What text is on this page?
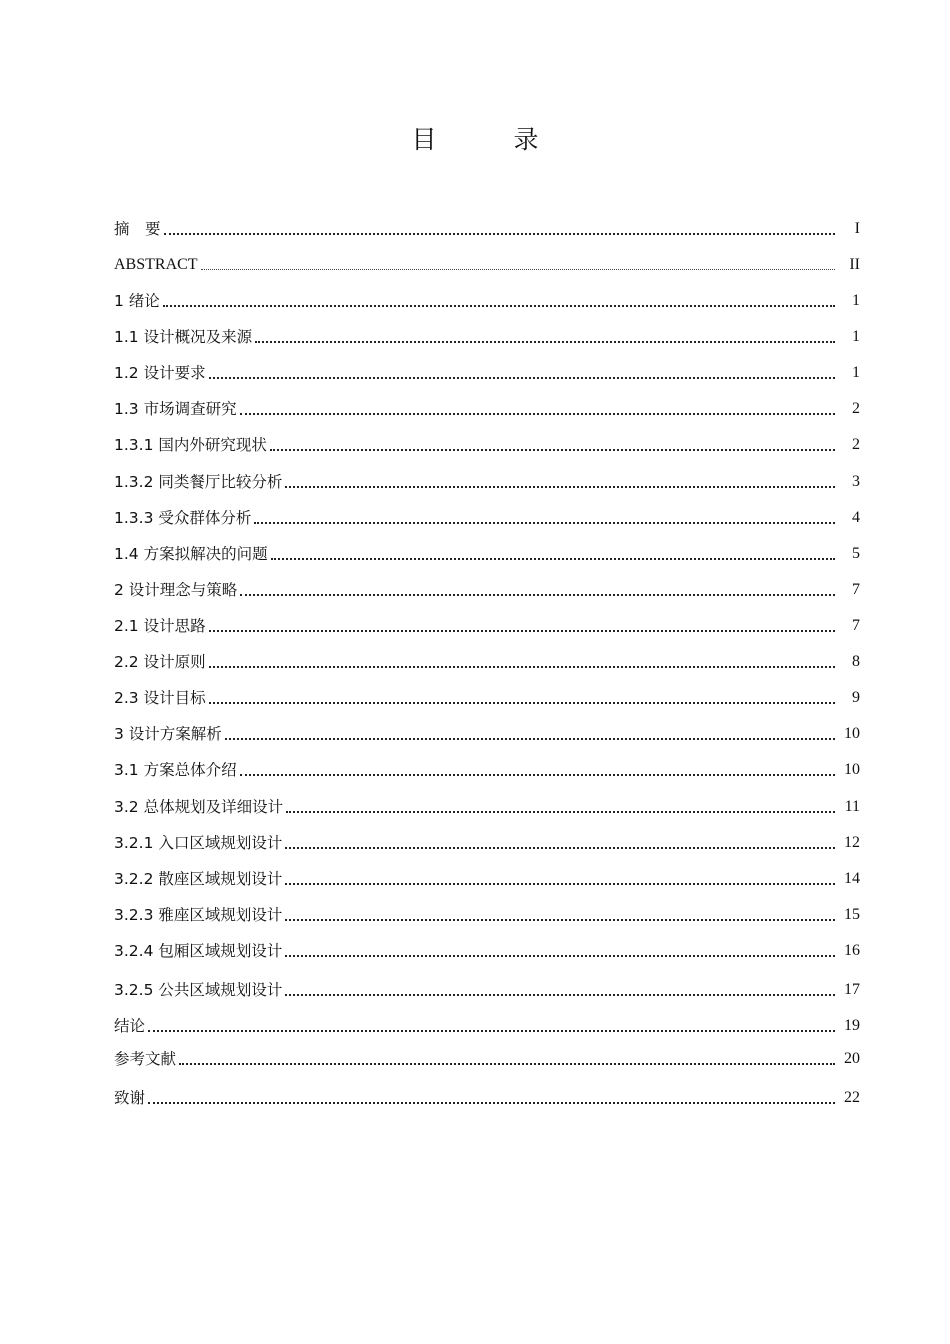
目　录
摘　要	I
ABSTRACT	II
1 绪论	1
1.1 设计概况及来源	1
1.2 设计要求	1
1.3 市场调查研究	2
1.3.1 国内外研究现状	2
1.3.2 同类餐厅比较分析	3
1.3.3 受众群体分析	4
1.4 方案拟解决的问题	5
2 设计理念与策略	7
2.1 设计思路	7
2.2 设计原则	8
2.3 设计目标	9
3 设计方案解析	10
3.1 方案总体介绍	10
3.2 总体规划及详细设计	11
3.2.1 入口区域规划设计	12
3.2.2 散座区域规划设计	14
3.2.3 雅座区域规划设计	15
3.2.4 包厢区域规划设计	16
3.2.5 公共区域规划设计	17
结论	19
参考文献	20
致谢	22
